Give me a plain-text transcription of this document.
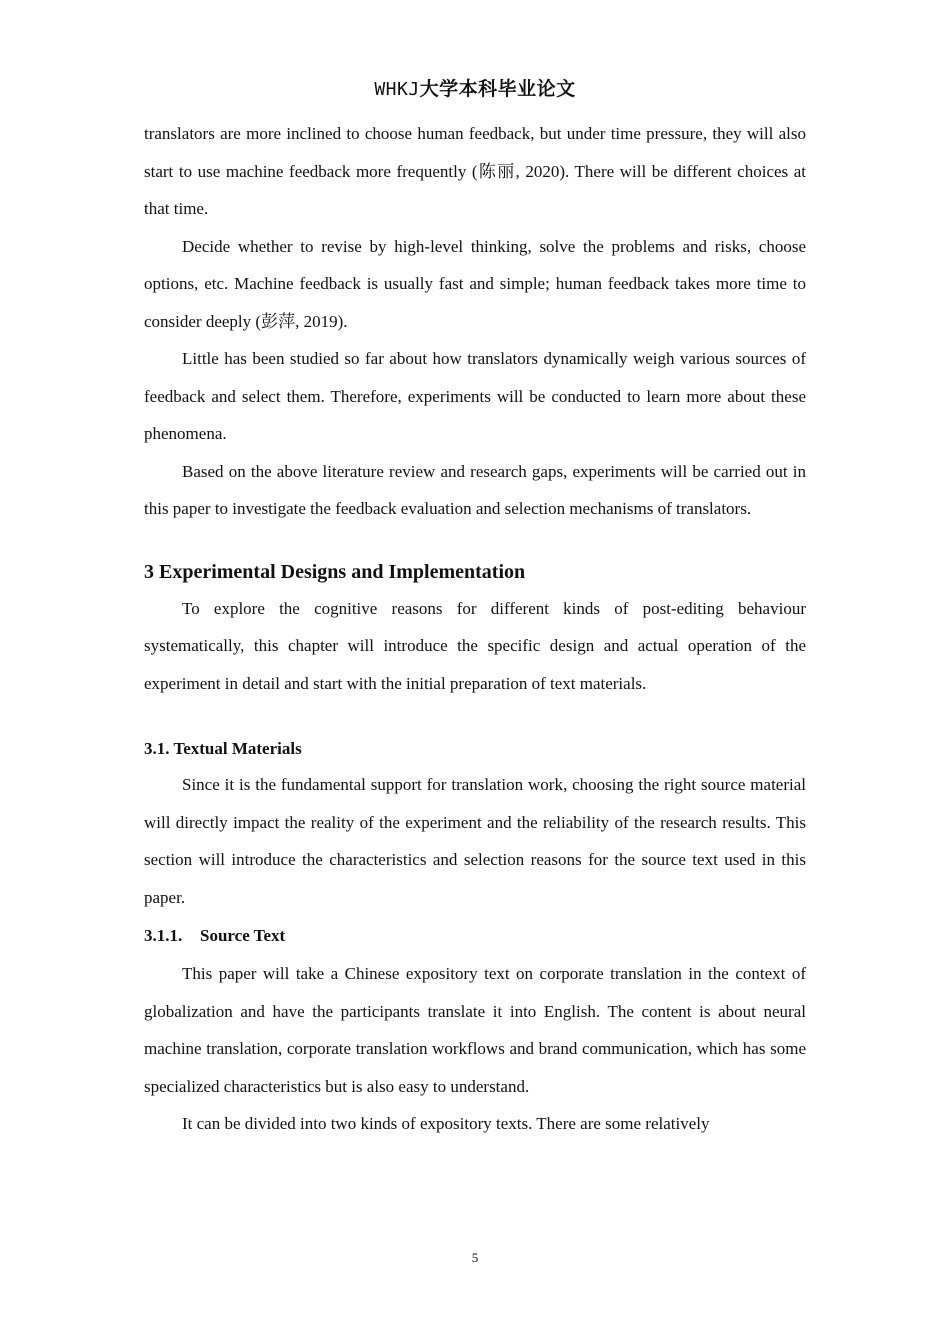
WHKJ大学本科毕业论文

translators are more inclined to choose human feedback, but under time pressure, they will also start to use machine feedback more frequently (陈丽, 2020). There will be different choices at that time.

Decide whether to revise by high-level thinking, solve the problems and risks, choose options, etc. Machine feedback is usually fast and simple; human feedback takes more time to consider deeply (彭萍, 2019).

Little has been studied so far about how translators dynamically weigh various sources of feedback and select them. Therefore, experiments will be conducted to learn more about these phenomena.

Based on the above literature review and research gaps, experiments will be carried out in this paper to investigate the feedback evaluation and selection mechanisms of translators.

3 Experimental Designs and Implementation

To explore the cognitive reasons for different kinds of post-editing behaviour systematically, this chapter will introduce the specific design and actual operation of the experiment in detail and start with the initial preparation of text materials.

3.1. Textual Materials

Since it is the fundamental support for translation work, choosing the right source material will directly impact the reality of the experiment and the reliability of the research results. This section will introduce the characteristics and selection reasons for the source text used in this paper.

3.1.1. Source Text

This paper will take a Chinese expository text on corporate translation in the context of globalization and have the participants translate it into English. The content is about neural machine translation, corporate translation workflows and brand communication, which has some specialized characteristics but is also easy to understand.

It can be divided into two kinds of expository texts. There are some relatively

5
